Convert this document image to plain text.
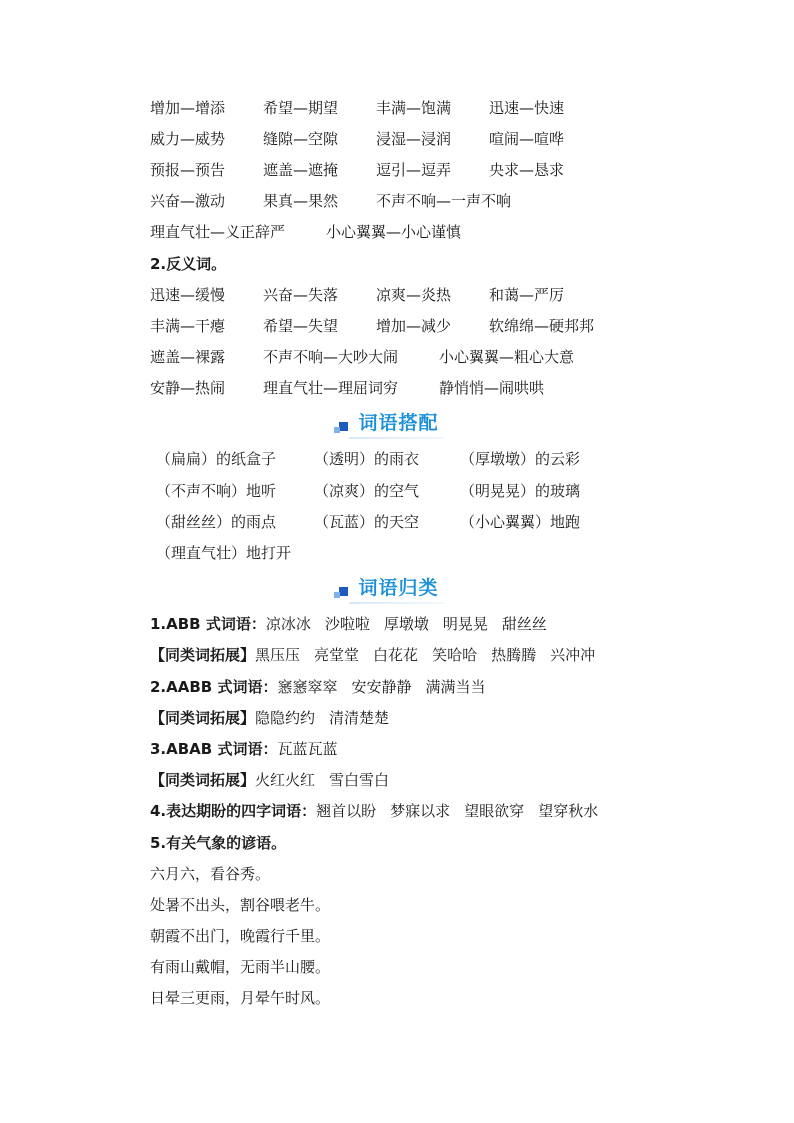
增加—增添	希望—期望	丰满—饱满	迅速—快速
威力—威势	缝隙—空隙	浸湿—浸润	喧闹—喧哗
预报—预告	遮盖—遮掩	逗引—逗弄	央求—恳求
兴奋—激动	果真—果然	不声不响—一声不响
理直气壮—义正辞严	小心翼翼—小心谨慎
2.反义词。
迅速—缓慢	兴奋—失落	凉爽—炎热	和蔼—严厉
丰满—干瘪	希望—失望	增加—减少	软绵绵—硬邦邦
遮盖—裸露	不声不响—大吵大闹	小心翼翼—粗心大意
安静—热闹	理直气壮—理屈词穷	静悄悄—闹哄哄
词语搭配
（扁扁）的纸盒子	（透明）的雨衣	（厚墩墩）的云彩
（不声不响）地听	（凉爽）的空气	（明晃晃）的玻璃
（甜丝丝）的雨点	（瓦蓝）的天空	（小心翼翼）地跑
（理直气壮）地打开
词语归类
1.ABB 式词语： 凉冰冰 沙啦啦 厚墩墩 明晃晃 甜丝丝
【同类词拓展】 黑压压 亮堂堂 白花花 笑哈哈 热腾腾 兴冲冲
2.AABB 式词语： 窸窸窣窣 安安静静 满满当当
【同类词拓展】 隐隐约约 清清楚楚
3.ABAB 式词语： 瓦蓝瓦蓝
【同类词拓展】 火红火红 雪白雪白
4.表达期盼的四字词语： 翘首以盼 梦寐以求 望眼欲穿 望穿秋水
5.有关气象的谚语。
六月六，看谷秀。
处暑不出头，割谷喂老牛。
朝霞不出门，晚霞行千里。
有雨山戴帽，无雨半山腰。
日晕三更雨，月晕午时风。
